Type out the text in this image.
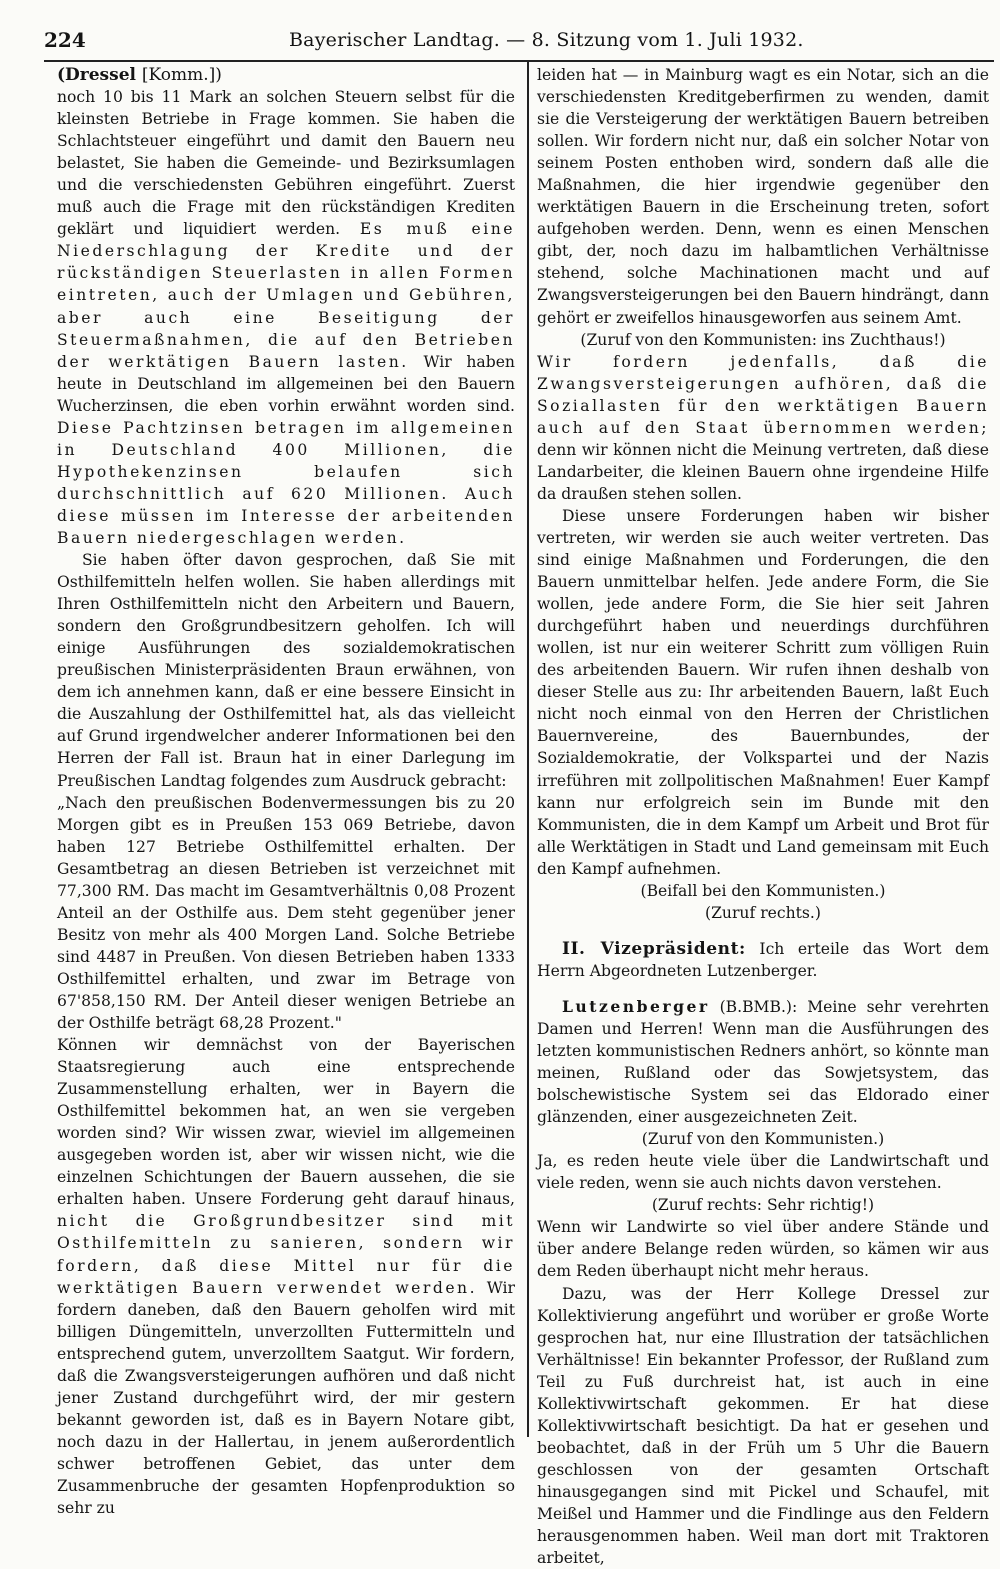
224	Bayerischer Landtag. — 8. Sitzung vom 1. Juli 1932.

(Dressel [Komm.])

noch 10 bis 11 Mark an solchen Steuern selbst für die kleinsten Betriebe in Frage kommen. Sie haben die Schlachtsteuer eingeführt und damit den Bauern neu belastet, Sie haben die Gemeinde- und Bezirksumlagen und die verschiedensten Gebühren eingeführt. Zuerst muß auch die Frage mit den rückständigen Krediten geklärt und liquidiert werden. Es muß eine Niederschlagung der Kredite und der rückständigen Steuerlasten in allen Formen eintreten, auch der Umlagen und Gebühren, aber auch eine Beseitigung der Steuermaßnahmen, die auf den Betrieben der werktätigen Bauern lasten. Wir haben heute in Deutschland im allgemeinen bei den Bauern Wucherzinsen, die eben vorhin erwähnt worden sind. Diese Pachtzinsen betragen im allgemeinen in Deutschland 400 Millionen, die Hypothekenzinsen belaufen sich durchschnittlich auf 620 Millionen. Auch diese müssen im Interesse der arbeitenden Bauern niedergeschlagen werden.

Sie haben öfter davon gesprochen, daß Sie mit Osthilfemitteln helfen wollen. Sie haben allerdings mit Ihren Osthilfemitteln nicht den Arbeitern und Bauern, sondern den Großgrundbesitzern geholfen. Ich will einige Ausführungen des sozialdemokratischen preußischen Ministerpräsidenten Braun erwähnen, von dem ich annehmen kann, daß er eine bessere Einsicht in die Auszahlung der Osthilfemittel hat, als das vielleicht auf Grund irgendwelcher anderer Informationen bei den Herren der Fall ist. Braun hat in einer Darlegung im Preußischen Landtag folgendes zum Ausdruck gebracht:

„Nach den preußischen Bodenvermessungen bis zu 20 Morgen gibt es in Preußen 153 069 Betriebe, davon haben 127 Betriebe Osthilfemittel erhalten. Der Gesamtbetrag an diesen Betrieben ist verzeichnet mit 77,300 RM. Das macht im Gesamtverhältnis 0,08 Prozent Anteil an der Osthilfe aus. Dem steht gegenüber jener Besitz von mehr als 400 Morgen Land. Solche Betriebe sind 4487 in Preußen. Von diesen Betrieben haben 1333 Osthilfemittel erhalten, und zwar im Betrage von 67'858,150 RM. Der Anteil dieser wenigen Betriebe an der Osthilfe beträgt 68,28 Prozent."

Können wir demnächst von der Bayerischen Staatsregierung auch eine entsprechende Zusammenstellung erhalten, wer in Bayern die Osthilfemittel bekommen hat, an wen sie vergeben worden sind? Wir wissen zwar, wieviel im allgemeinen ausgegeben worden ist, aber wir wissen nicht, wie die einzelnen Schichtungen der Bauern aussehen, die sie erhalten haben. Unsere Forderung geht darauf hinaus, nicht die Großgrundbesitzer sind mit Osthilfemitteln zu sanieren, sondern wir fordern, daß diese Mittel nur für die werktätigen Bauern verwendet werden. Wir fordern daneben, daß den Bauern geholfen wird mit billigen Düngemitteln, unverzollten Futtermitteln und entsprechend gutem, unverzolltem Saatgut. Wir fordern, daß die Zwangsversteigerungen aufhören und daß nicht jener Zustand durchgeführt wird, der mir gestern bekannt geworden ist, daß es in Bayern Notare gibt, noch dazu in der Hallertau, in jenem außerordentlich schwer betroffenen Gebiet, das unter dem Zusammenbruche der gesamten Hopfenproduktion so sehr zu

leiden hat — in Mainburg wagt es ein Notar, sich an die verschiedensten Kreditgeberfirmen zu wenden, damit sie die Versteigerung der werktätigen Bauern betreiben sollen. Wir fordern nicht nur, daß ein solcher Notar von seinem Posten enthoben wird, sondern daß alle die Maßnahmen, die hier irgendwie gegenüber den werktätigen Bauern in die Erscheinung treten, sofort aufgehoben werden. Denn, wenn es einen Menschen gibt, der, noch dazu im halbamtlichen Verhältnisse stehend, solche Machinationen macht und auf Zwangsversteigerungen bei den Bauern hindrängt, dann gehört er zweifellos hinausgeworfen aus seinem Amt.

(Zuruf von den Kommunisten: ins Zuchthaus!)

Wir fordern jedenfalls, daß die Zwangsversteigerungen aufhören, daß die Soziallasten für den werktätigen Bauern auch auf den Staat übernommen werden; denn wir können nicht die Meinung vertreten, daß diese Landarbeiter, die kleinen Bauern ohne irgendeine Hilfe da draußen stehen sollen.

Diese unsere Forderungen haben wir bisher vertreten, wir werden sie auch weiter vertreten. Das sind einige Maßnahmen und Forderungen, die den Bauern unmittelbar helfen. Jede andere Form, die Sie wollen, jede andere Form, die Sie hier seit Jahren durchgeführt haben und neuerdings durchführen wollen, ist nur ein weiterer Schritt zum völligen Ruin des arbeitenden Bauern. Wir rufen ihnen deshalb von dieser Stelle aus zu: Ihr arbeitenden Bauern, laßt Euch nicht noch einmal von den Herren der Christlichen Bauernvereine, des Bauernbundes, der Sozialdemokratie, der Volkspartei und der Nazis irreführen mit zollpolitischen Maßnahmen! Euer Kampf kann nur erfolgreich sein im Bunde mit den Kommunisten, die in dem Kampf um Arbeit und Brot für alle Werktätigen in Stadt und Land gemeinsam mit Euch den Kampf aufnehmen.

(Beifall bei den Kommunisten.)

(Zuruf rechts.)

II. Vizepräsident: Ich erteile das Wort dem Herrn Abgeordneten Lutzenberger.

Lutzenberger (B.BMB.): Meine sehr verehrten Damen und Herren! Wenn man die Ausführungen des letzten kommunistischen Redners anhört, so könnte man meinen, Rußland oder das Sowjetsystem, das bolschewistische System sei das Eldorado einer glänzenden, einer ausgezeichneten Zeit.

(Zuruf von den Kommunisten.)

Ja, es reden heute viele über die Landwirtschaft und viele reden, wenn sie auch nichts davon verstehen.

(Zuruf rechts: Sehr richtig!)

Wenn wir Landwirte so viel über andere Stände und über andere Belange reden würden, so kämen wir aus dem Reden überhaupt nicht mehr heraus.

Dazu, was der Herr Kollege Dressel zur Kollektivierung angeführt und worüber er große Worte gesprochen hat, nur eine Illustration der tatsächlichen Verhältnisse! Ein bekannter Professor, der Rußland zum Teil zu Fuß durchreist hat, ist auch in eine Kollektivwirtschaft gekommen. Er hat diese Kollektivwirtschaft besichtigt. Da hat er gesehen und beobachtet, daß in der Früh um 5 Uhr die Bauern geschlossen von der gesamten Ortschaft hinausgegangen sind mit Pickel und Schaufel, mit Meißel und Hammer und die Findlinge aus den Feldern herausgenommen haben. Weil man dort mit Traktoren arbeitet,
